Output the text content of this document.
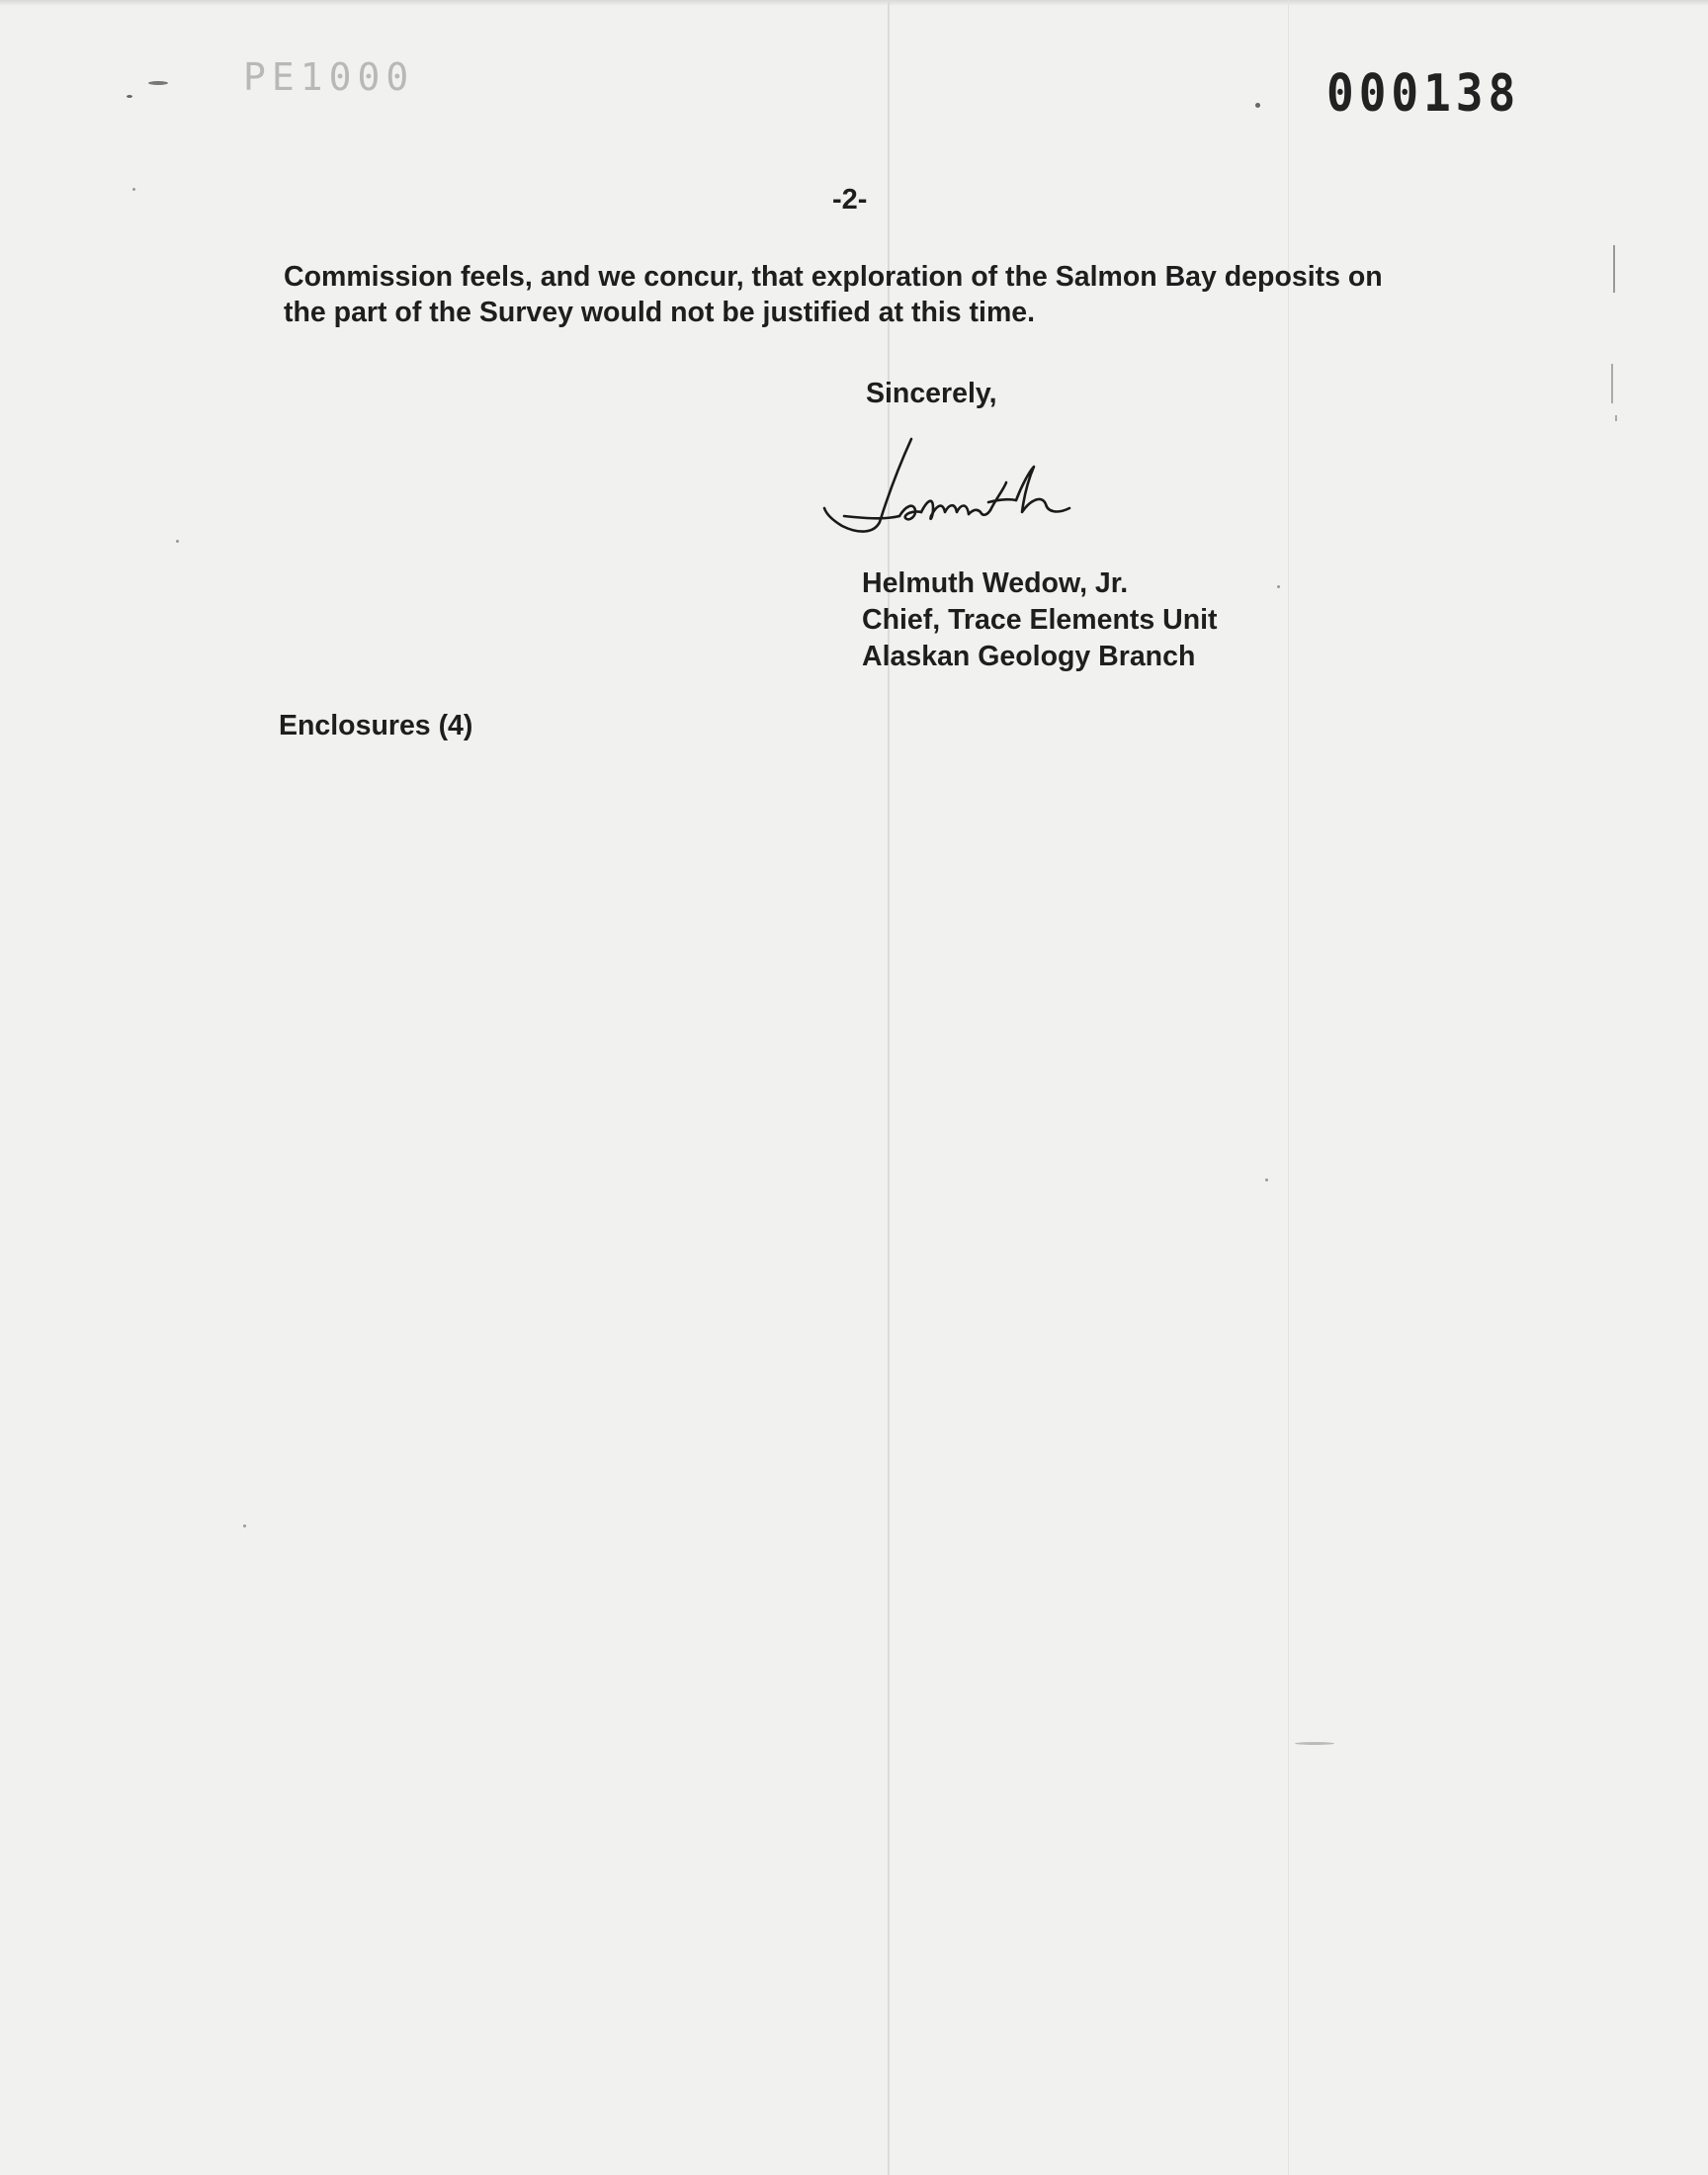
PE1000	000138
-2-
Commission feels, and we concur, that exploration of the Salmon Bay deposits on
the part of the Survey would not be justified at this time.
Sincerely,
Helmuth Wedow, Jr.
Chief, Trace Elements Unit
Alaskan Geology Branch
Enclosures (4)
